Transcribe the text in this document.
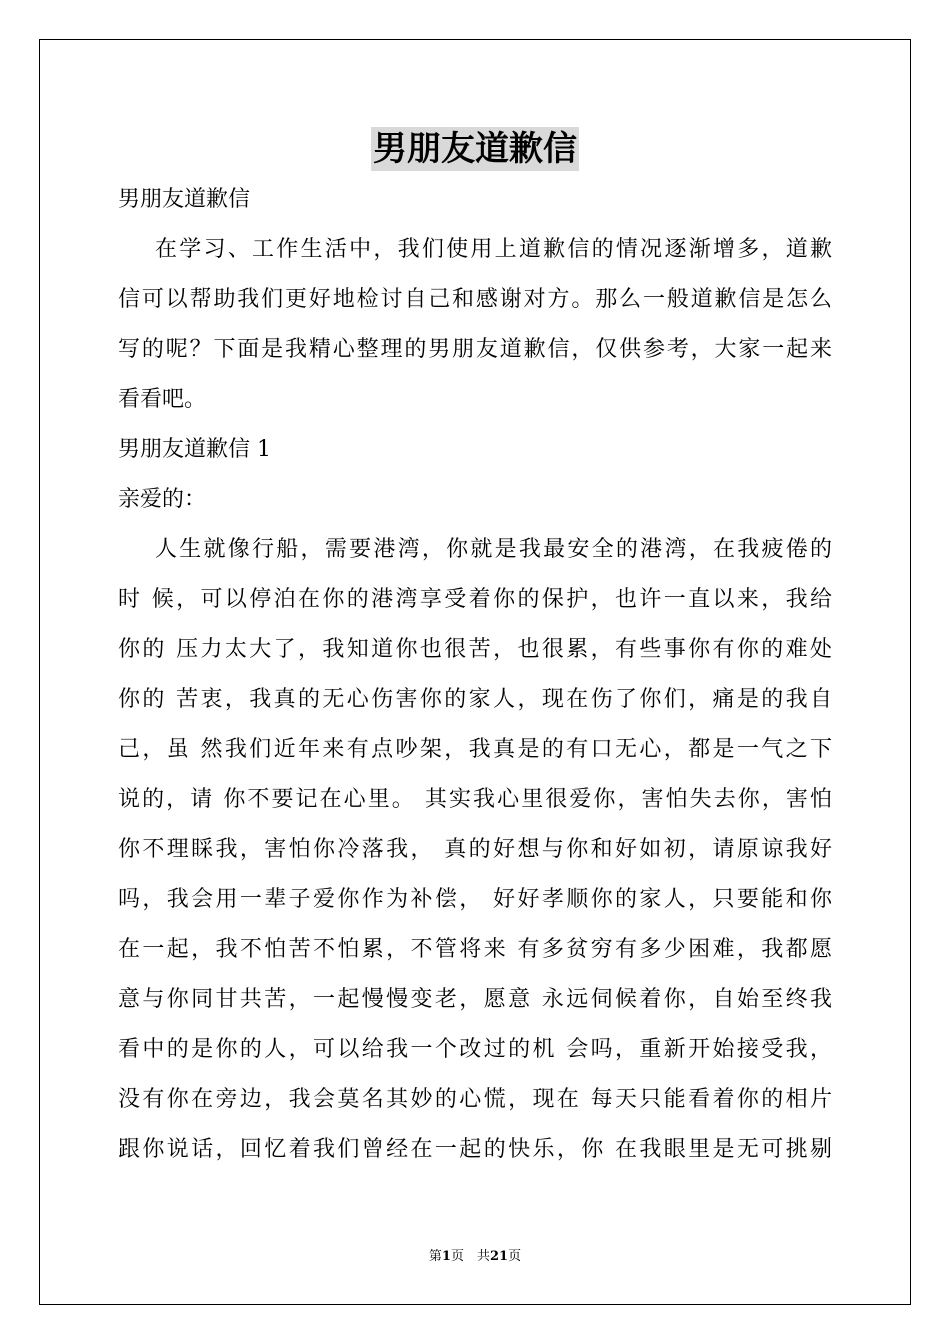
男朋友道歉信
男朋友道歉信
在学习、工作生活中，我们使用上道歉信的情况逐渐增多，道歉
信可以帮助我们更好地检讨自己和感谢对方。那么一般道歉信是怎么
写的呢？下面是我精心整理的男朋友道歉信，仅供参考，大家一起来
看看吧。
男朋友道歉信 1
亲爱的：
人生就像行船，需要港湾，你就是我最安全的港湾，在我疲倦的
时 候，可以停泊在你的港湾享受着你的保护，也许一直以来，我给
你的 压力太大了，我知道你也很苦，也很累，有些事你有你的难处
你的 苦衷，我真的无心伤害你的家人，现在伤了你们，痛是的我自
己，虽 然我们近年来有点吵架，我真是的有口无心，都是一气之下
说的，请 你不要记在心里。 其实我心里很爱你，害怕失去你，害怕
你不理睬我，害怕你冷落我， 真的好想与你和好如初，请原谅我好
吗，我会用一辈子爱你作为补偿， 好好孝顺你的家人，只要能和你
在一起，我不怕苦不怕累，不管将来 有多贫穷有多少困难，我都愿
意与你同甘共苦，一起慢慢变老，愿意 永远伺候着你，自始至终我
看中的是你的人，可以给我一个改过的机 会吗，重新开始接受我，
没有你在旁边，我会莫名其妙的心慌，现在 每天只能看着你的相片
跟你说话，回忆着我们曾经在一起的快乐，你 在我眼里是无可挑剔
第1页　共21页
